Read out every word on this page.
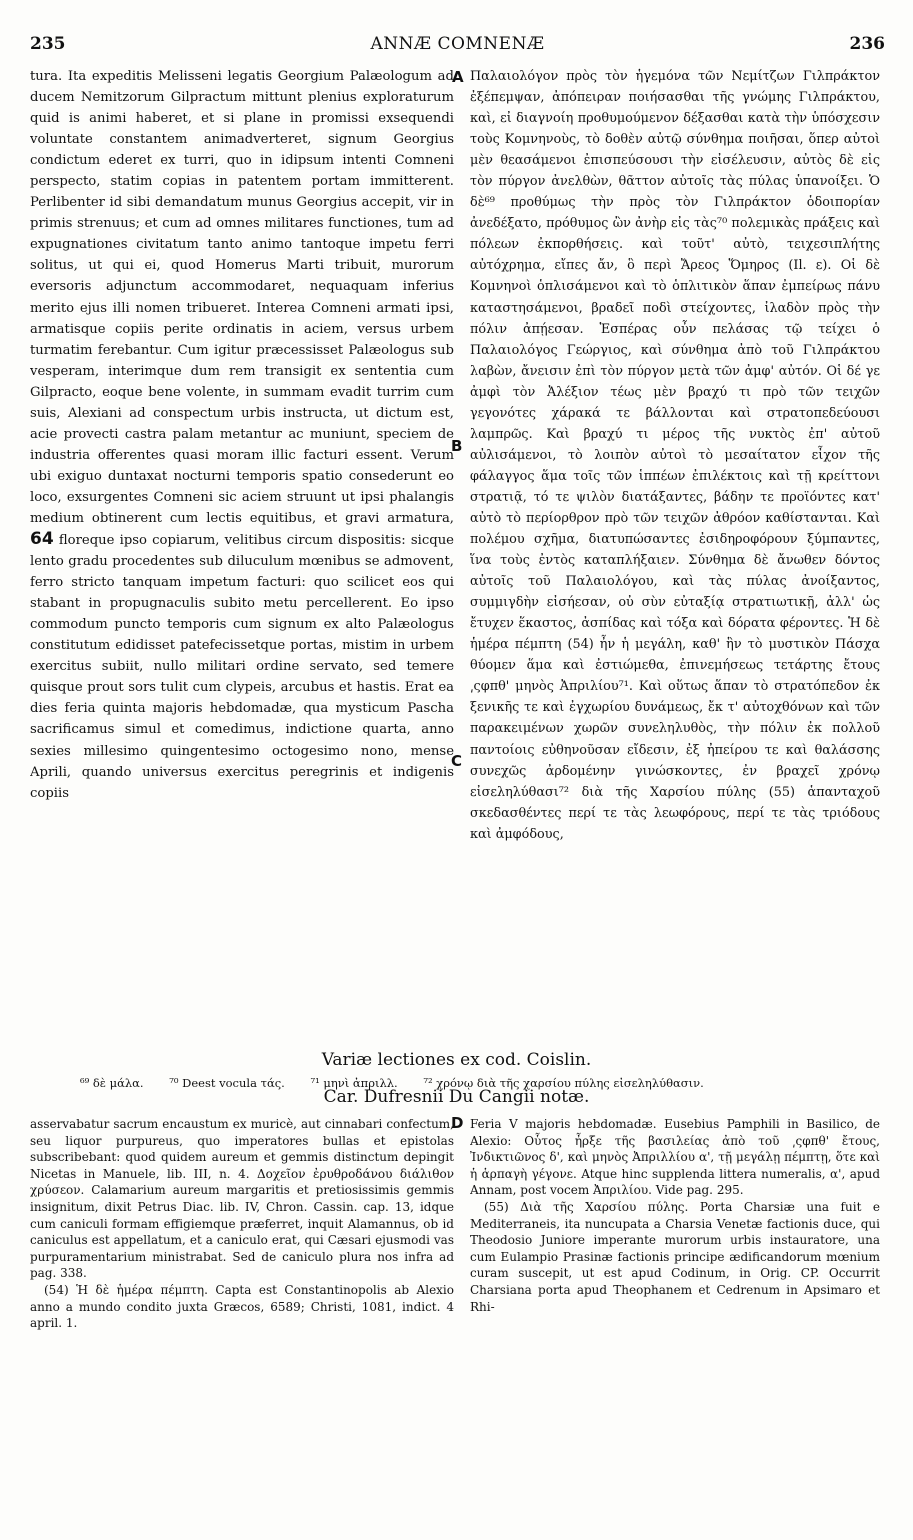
235	ANNÆ COMNENÆ	236

tura. Ita expeditis Melisseni legatis Georgium Palæologum ad ducem Nemitzorum Gilpractum mittunt plenius exploraturum quid is animi haberet, et si plane in promissi exsequendi voluntate constantem animadverteret, signum Georgius condictum ederet ex turri, quo in idipsum intenti Comneni perspecto, statim copias in patentem portam immitterent. Perlibenter id sibi demandatum munus Georgius accepit, vir in primis strenuus; et cum ad omnes militares functiones, tum ad expugnationes civitatum tanto animo tantoque impetu ferri solitus, ut qui ei, quod Homerus Marti tribuit, murorum eversoris adjunctum accommodaret, nequaquam inferius merito ejus illi nomen tribueret. Interea Comneni armati ipsi, armatisque copiis perite ordinatis in aciem, versus urbem turmatim ferebantur. Cum igitur præcessisset Palæologus sub vesperam, interimque dum rem transigit ex sententia cum Gilpracto, eoque bene volente, in summam evadit turrim cum suis, Alexiani ad conspectum urbis instructa, ut dictum est, acie provecti castra palam metantur ac muniunt, speciem de industria offerentes quasi moram illic facturi essent. Verum ubi exiguo duntaxat nocturni temporis spatio consederunt eo loco, exsurgentes Comneni sic aciem struunt ut ipsi phalangis medium obtinerent cum lectis equitibus, et gravi armatura, 64 floreque ipso copiarum, velitibus circum dispositis: sicque lento gradu procedentes sub diluculum mœnibus se admovent, ferro stricto tanquam impetum facturi: quo scilicet eos qui stabant in propugnaculis subito metu percellerent. Eo ipso commodum puncto temporis cum signum ex alto Palæologus constitutum edidisset patefecissetque portas, mistim in urbem exercitus subiit, nullo militari ordine servato, sed temere quisque prout sors tulit cum clypeis, arcubus et hastis. Erat ea dies feria quinta majoris hebdomadæ, qua mysticum Pascha sacrificamus simul et comedimus, indictione quarta, anno sexies millesimo quingentesimo octogesimo nono, mense Aprili, quando universus exercitus peregrinis et indigenis copiis

A
B
C
D

Παλαιολόγον πρὸς τὸν ἡγεμόνα τῶν Νεμίτζων Γιλπράκτον ἐξέπεμψαν, ἀπόπειραν ποιήσασθαι τῆς γνώμης Γιλπράκτου, καὶ, εἰ διαγνοίη προθυμούμενον δέξασθαι κατὰ τὴν ὑπόσχεσιν τοὺς Κομνηνοὺς, τὸ δοθὲν αὐτῷ σύνθημα ποιῆσαι, ὅπερ αὐτοὶ μὲν θεασάμενοι ἐπισπεύσουσι τὴν εἰσέλευσιν, αὐτὸς δὲ εἰς τὸν πύργον ἀνελθὼν, θᾶττον αὐτοῖς τὰς πύλας ὑπανοίξει. Ὁ δὲ⁶⁹ προθύμως τὴν πρὸς τὸν Γιλπράκτον ὁδοιπορίαν ἀνεδέξατο, πρόθυμος ὢν ἀνὴρ εἰς τὰς⁷⁰ πολεμικὰς πράξεις καὶ πόλεων ἐκπορθήσεις. καὶ τοῦτ' αὐτὸ, τειχεσιπλήτης αὐτόχρημα, εἴπες ἄν, ὃ περὶ Ἄρεος Ὅμηρος (Il. ε). Οἱ δὲ Κομνηνοὶ ὁπλισάμενοι καὶ τὸ ὁπλιτικὸν ἅπαν ἐμπείρως πάνυ καταστησάμενοι, βραδεῖ ποδὶ στείχοντες, ἰλαδὸν πρὸς τὴν πόλιν ἀπῄεσαν. Ἑσπέρας οὖν πελάσας τῷ τείχει ὁ Παλαιολόγος Γεώργιος, καὶ σύνθημα ἀπὸ τοῦ Γιλπράκτου λαβὼν, ἄνεισιν ἐπὶ τὸν πύργον μετὰ τῶν ἀμφ' αὐτόν. Οἱ δέ γε ἀμφὶ τὸν Ἀλέξιον τέως μὲν βραχύ τι πρὸ τῶν τειχῶν γεγονότες χάρακά τε βάλλονται καὶ στρατοπεδεύουσι λαμπρῶς. Καὶ βραχύ τι μέρος τῆς νυκτὸς ἐπ' αὐτοῦ αὐλισάμενοι, τὸ λοιπὸν αὐτοὶ τὸ μεσαίτατον εἶχον τῆς φάλαγγος ἅμα τοῖς τῶν ἱππέων ἐπιλέκτοις καὶ τῇ κρείττονι στρατιᾷ, τό τε ψιλὸν διατάξαντες, βάδην τε προϊόντες κατ' αὐτὸ τὸ περίορθρον πρὸ τῶν τειχῶν ἀθρόον καθίστανται. Καὶ πολέμου σχῆμα, διατυπώσαντες ἐσιδηροφόρουν ξύμπαντες, ἵνα τοὺς ἐντὸς καταπλήξαιεν. Σύνθημα δὲ ἄνωθεν δόντος αὐτοῖς τοῦ Παλαιολόγου, καὶ τὰς πύλας ἀνοίξαντος, συμμιγδὴν εἰσήεσαν, οὐ σὺν εὐταξίᾳ στρατιωτικῇ, ἀλλ' ὡς ἔτυχεν ἕκαστος, ἀσπίδας καὶ τόξα καὶ δόρατα φέροντες. Ἡ δὲ ἡμέρα πέμπτη (54) ἦν ἡ μεγάλη, καθ' ἣν τὸ μυστικὸν Πάσχα θύομεν ἅμα καὶ ἐστιώμεθα, ἐπινεμήσεως τετάρτης ἔτους ͵ςφπθ' μηνὸς Ἀπριλίου⁷¹. Καὶ οὕτως ἅπαν τὸ στρατόπεδον ἐκ ξενικῆς τε καὶ ἐγχωρίου δυνάμεως, ἔκ τ' αὐτοχθόνων καὶ τῶν παρακειμένων χωρῶν συνεληλυθὸς, τὴν πόλιν ἐκ πολλοῦ παντοίοις εὐθηνοῦσαν εἴδεσιν, ἐξ ἠπείρου τε καὶ θαλάσσης συνεχῶς ἀρδομένην γινώσκοντες, ἐν βραχεῖ χρόνῳ εἰσεληλύθασι⁷² διὰ τῆς Χαρσίου πύλης (55) ἁπανταχοῦ σκεδασθέντες περί τε τὰς λεωφόρους, περί τε τὰς τριόδους καὶ ἀμφόδους,

Variæ lectiones ex cod. Coislin.
⁶⁹ δὲ μάλα. ⁷⁰ Deest vocula τάς. ⁷¹ μηνὶ ἀπριλλ. ⁷² χρόνῳ διὰ τῆς χαρσίου πύλης εἰσεληλύθασιν.
Car. Dufresnii Du Cangii notæ.

asservabatur sacrum encaustum ex muricè, aut cinnabari confectum, seu liquor purpureus, quo imperatores bullas et epistolas subscribebant: quod quidem aureum et gemmis distinctum depingit Nicetas in Manuele, lib. III, n. 4. Δοχεῖον ἐρυθροδάνου διάλιθον χρύσεον. Calamarium aureum margaritis et pretiosissimis gemmis insignitum, dixit Petrus Diac. lib. IV, Chron. Cassin. cap. 13, idque cum caniculi formam effigiemque præferret, inquit Alamannus, ob id caniculus est appellatum, et a caniculo erat, qui Cæsari ejusmodi vas purpuramentarium ministrabat. Sed de caniculo plura nos infra ad pag. 338.

(54) Ἡ δὲ ἡμέρα πέμπτη. Capta est Constantinopolis ab Alexio anno a mundo condito juxta Græcos, 6589; Christi, 1081, indict. 4 april. 1.

Feria V majoris hebdomadæ. Eusebius Pamphili in Basilico, de Alexio: Οὗτος ἦρξε τῆς βασιλείας ἀπὸ τοῦ ͵ςφπθ' ἔτους, Ἰνδικτιῶνος δ', καὶ μηνὸς Ἀπριλλίου α', τῇ μεγάλῃ πέμπτῃ, ὅτε καὶ ἡ ἁρπαγὴ γέγονε. Atque hinc supplenda littera numeralis, α', apud Annam, post vocem Ἀπριλίου. Vide pag. 295.

(55) Διὰ τῆς Χαρσίου πύλης. Porta Charsiæ una fuit e Mediterraneis, ita nuncupata a Charsia Venetæ factionis duce, qui Theodosio Juniore imperante murorum urbis instauratore, una cum Eulampio Prasinæ factionis principe ædificandorum mœnium curam suscepit, ut est apud Codinum, in Orig. CP. Occurrit Charsiana porta apud Theophanem et Cedrenum in Apsimaro et Rhi-
